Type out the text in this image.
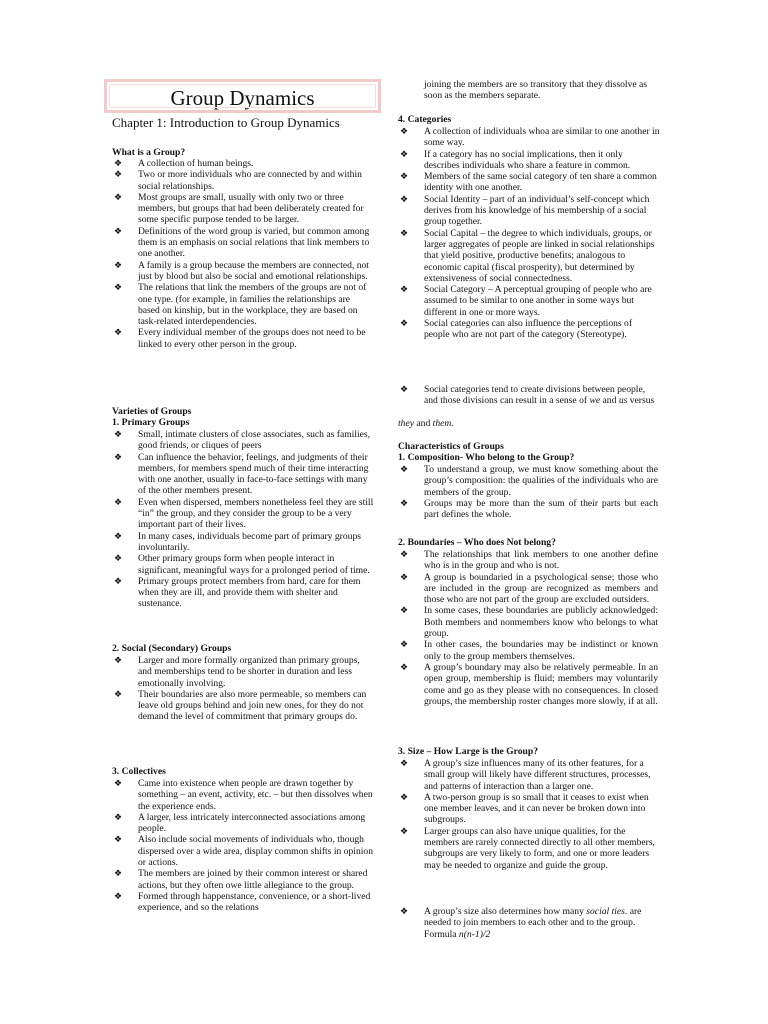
Group Dynamics
Chapter 1: Introduction to Group Dynamics
What is a Group?
❖ A collection of human beings.
❖ Two or more individuals who are connected by and within social relationships.
❖ Most groups are small, usually with only two or three members, but groups that had been deliberately created for some specific purpose tended to be larger.
❖ Definitions of the word group is varied, but common among them is an emphasis on social relations that link members to one another.
❖ A family is a group because the members are connected, not just by blood but also be social and emotional relationships.
❖ The relations that link the members of the groups are not of one type. (for example, in families the relationships are based on kinship, but in the workplace, they are based on task-related interdependencies.
❖ Every individual member of the groups does not need to be linked to every other person in the group.
Varieties of Groups
1. Primary Groups
❖ Small, intimate clusters of close associates, such as families, good friends, or cliques of peers
❖ Can influence the behavior, feelings, and judgments of their members, for members spend much of their time interacting with one another, usually in face-to-face settings with many of the other members present.
❖ Even when dispersed, members nonetheless feel they are still “in” the group, and they consider the group to be a very important part of their lives.
❖ In many cases, individuals become part of primary groups involuntarily.
❖ Other primary groups form when people interact in significant, meaningful ways for a prolonged period of time.
❖ Primary groups protect members from hard, care for them when they are ill, and provide them with shelter and sustenance.
2. Social (Secondary) Groups
❖ Larger and more formally organized than primary groups, and memberships tend to be shorter in duration and less emotionally involving.
❖ Their boundaries are also more permeable, so members can leave old groups behind and join new ones, for they do not demand the level of commitment that primary groups do.
3. Collectives
❖ Came into existence when people are drawn together by something – an event, activity, etc. – but then dissolves when the experience ends.
❖ A larger, less intricately interconnected associations among people.
❖ Also include social movements of individuals who, though dispersed over a wide area, display common shifts in opinion or actions.
❖ The members are joined by their common interest or shared actions, but they often owe little allegiance to the group.
❖ Formed through happenstance, convenience, or a short-lived experience, and so the relations
joining the members are so transitory that they dissolve as soon as the members separate.
4. Categories
❖ A collection of individuals whoa are similar to one another in some way.
❖ If a category has no social implications, then it only describes individuals who share a feature in common.
❖ Members of the same social category of ten share a common identity with one another.
❖ Social Identity – part of an individual’s self-concept which derives from his knowledge of his membership of a social group together.
❖ Social Capital – the degree to which individuals, groups, or larger aggregates of people are linked in social relationships that yield positive, productive benefits; analogous to economic capital (fiscal prosperity), but determined by extensiveness of social connectedness.
❖ Social Category – A perceptual grouping of people who are assumed to be similar to one another in some ways but different in one or more ways.
❖ Social categories can also influence the perceptions of people who are not part of the category (Stereotype).
❖ Social categories tend to create divisions between people, and those divisions can result in a sense of we and us versus
they and them.
Characteristics of Groups
1. Composition- Who belong to the Group?
❖ To understand a group, we must know something about the group’s composition: the qualities of the individuals who are members of the group.
❖ Groups may be more than the sum of their parts but each part defines the whole.
2. Boundaries – Who does Not belong?
❖ The relationships that link members to one another define who is in the group and who is not.
❖ A group is boundaried in a psychological sense; those who are included in the group are recognized as members and those who are not part of the group are excluded outsiders.
❖ In some cases, these boundaries are publicly acknowledged: Both members and nonmembers know who belongs to what group.
❖ In other cases, the boundaries may be indistinct or known only to the group members themselves.
❖ A group’s boundary may also be relatively permeable. In an open group, membership is fluid; members may voluntarily come and go as they please with no consequences. In closed groups, the membership roster changes more slowly, if at all.
3. Size – How Large is the Group?
❖ A group’s size influences many of its other features, for a small group will likely have different structures, processes, and patterns of interaction than a larger one.
❖ A two-person group is so small that it ceases to exist when one member leaves, and it can never be broken down into subgroups.
❖ Larger groups can also have unique qualities, for the members are rarely connected directly to all other members, subgroups are very likely to form, and one or more leaders may be needed to organize and guide the group.
❖ A group’s size also determines how many social ties. are needed to join members to each other and to the group. Formula n(n-1)/2
